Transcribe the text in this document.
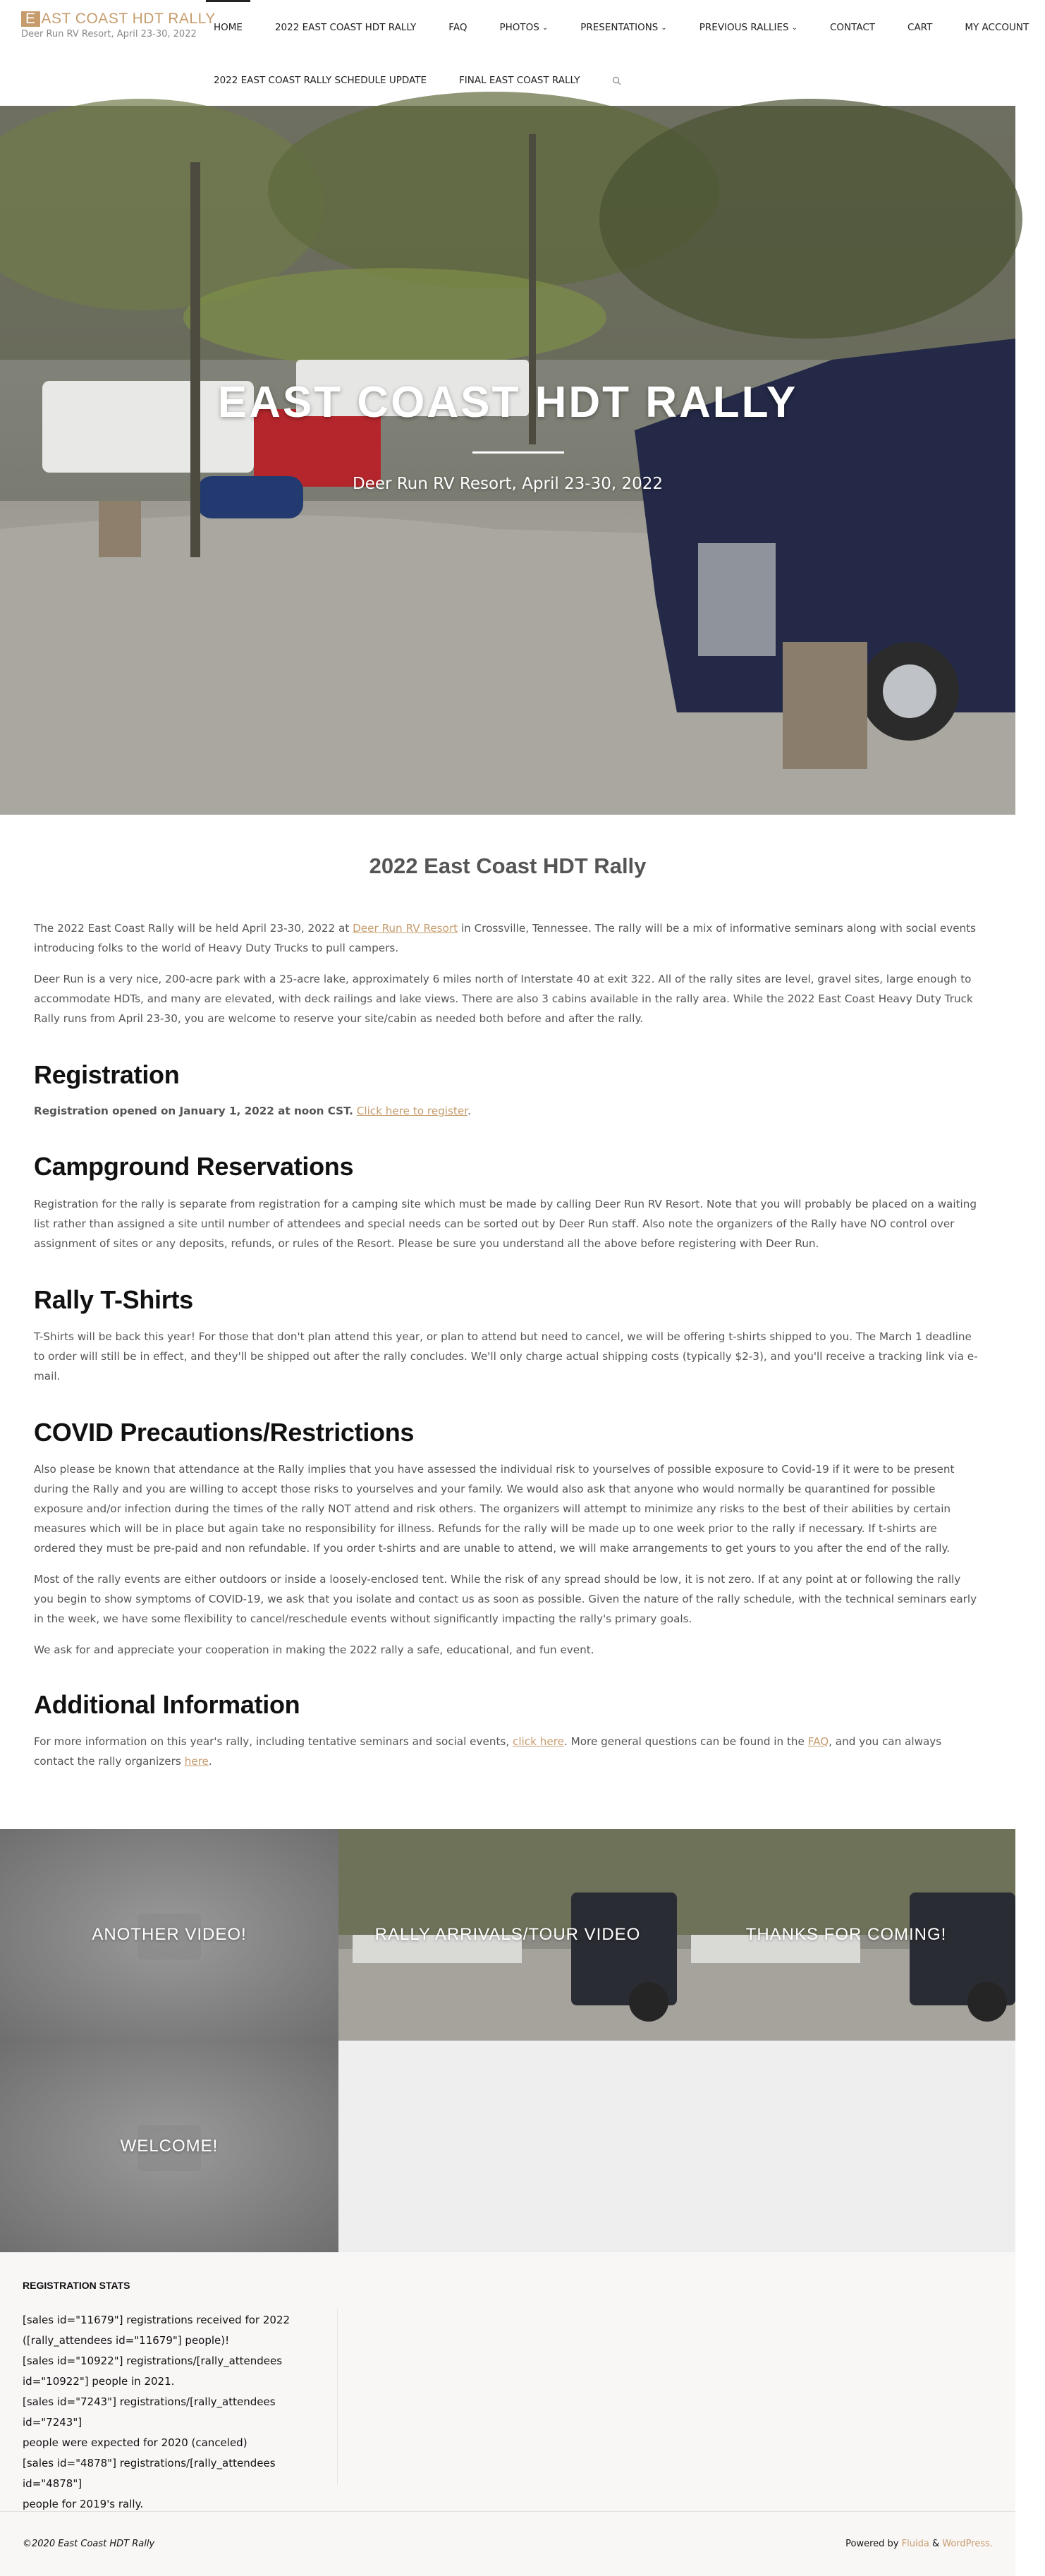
E AST COAST HDT RALLY
Deer Run RV Resort, April 23-30, 2022
HOME	2022 EAST COAST HDT RALLY	FAQ	PHOTOS ⌄	PRESENTATIONS ⌄	PREVIOUS RALLIES ⌄	CONTACT	CART	MY ACCOUNT
2022 EAST COAST RALLY SCHEDULE UPDATE	FINAL EAST COAST RALLY
EAST COAST HDT RALLY
Deer Run RV Resort, April 23-30, 2022
2022 East Coast HDT Rally

The 2022 East Coast Rally will be held April 23-30, 2022 at Deer Run RV Resort in Crossville, Tennessee. The rally will be a mix of informative seminars along with social events introducing folks to the world of Heavy Duty Trucks to pull campers.

Deer Run is a very nice, 200-acre park with a 25-acre lake, approximately 6 miles north of Interstate 40 at exit 322. All of the rally sites are level, gravel sites, large enough to accommodate HDTs, and many are elevated, with deck railings and lake views. There are also 3 cabins available in the rally area. While the 2022 East Coast Heavy Duty Truck Rally runs from April 23-30, you are welcome to reserve your site/cabin as needed both before and after the rally.

Registration

Registration opened on January 1, 2022 at noon CST. Click here to register.

Campground Reservations

Registration for the rally is separate from registration for a camping site which must be made by calling Deer Run RV Resort. Note that you will probably be placed on a waiting list rather than assigned a site until number of attendees and special needs can be sorted out by Deer Run staff. Also note the organizers of the Rally have NO control over assignment of sites or any deposits, refunds, or rules of the Resort. Please be sure you understand all the above before registering with Deer Run.

Rally T-Shirts

T-Shirts will be back this year! For those that don't plan attend this year, or plan to attend but need to cancel, we will be offering t-shirts shipped to you. The March 1 deadline to order will still be in effect, and they'll be shipped out after the rally concludes. We'll only charge actual shipping costs (typically $2-3), and you'll receive a tracking link via e-mail.

COVID Precautions/Restrictions

Also please be known that attendance at the Rally implies that you have assessed the individual risk to yourselves of possible exposure to Covid-19 if it were to be present during the Rally and you are willing to accept those risks to yourselves and your family. We would also ask that anyone who would normally be quarantined for possible exposure and/or infection during the times of the rally NOT attend and risk others. The organizers will attempt to minimize any risks to the best of their abilities by certain measures which will be in place but again take no responsibility for illness. Refunds for the rally will be made up to one week prior to the rally if necessary. If t-shirts are ordered they must be pre-paid and non refundable. If you order t-shirts and are unable to attend, we will make arrangements to get yours to you after the end of the rally.

Most of the rally events are either outdoors or inside a loosely-enclosed tent. While the risk of any spread should be low, it is not zero. If at any point at or following the rally you begin to show symptoms of COVID-19, we ask that you isolate and contact us as soon as possible. Given the nature of the rally schedule, with the technical seminars early in the week, we have some flexibility to cancel/reschedule events without significantly impacting the rally's primary goals.

We ask for and appreciate your cooperation in making the 2022 rally a safe, educational, and fun event.

Additional Information

For more information on this year's rally, including tentative seminars and social events, click here. More general questions can be found in the FAQ, and you can always contact the rally organizers here.

ANOTHER VIDEO!	RALLY ARRIVALS/TOUR VIDEO	THANKS FOR COMING!
WELCOME!
REGISTRATION STATS
[sales id="11679"] registrations received for 2022
([rally_attendees id="11679"] people)!
[sales id="10922"] registrations/[rally_attendees
id="10922"] people in 2021.
[sales id="7243"] registrations/[rally_attendees id="7243"]
people were expected for 2020 (canceled)
[sales id="4878"] registrations/[rally_attendees id="4878"]
people for 2019's rally.
©2020 East Coast HDT Rally	Powered by Fluida & WordPress.
